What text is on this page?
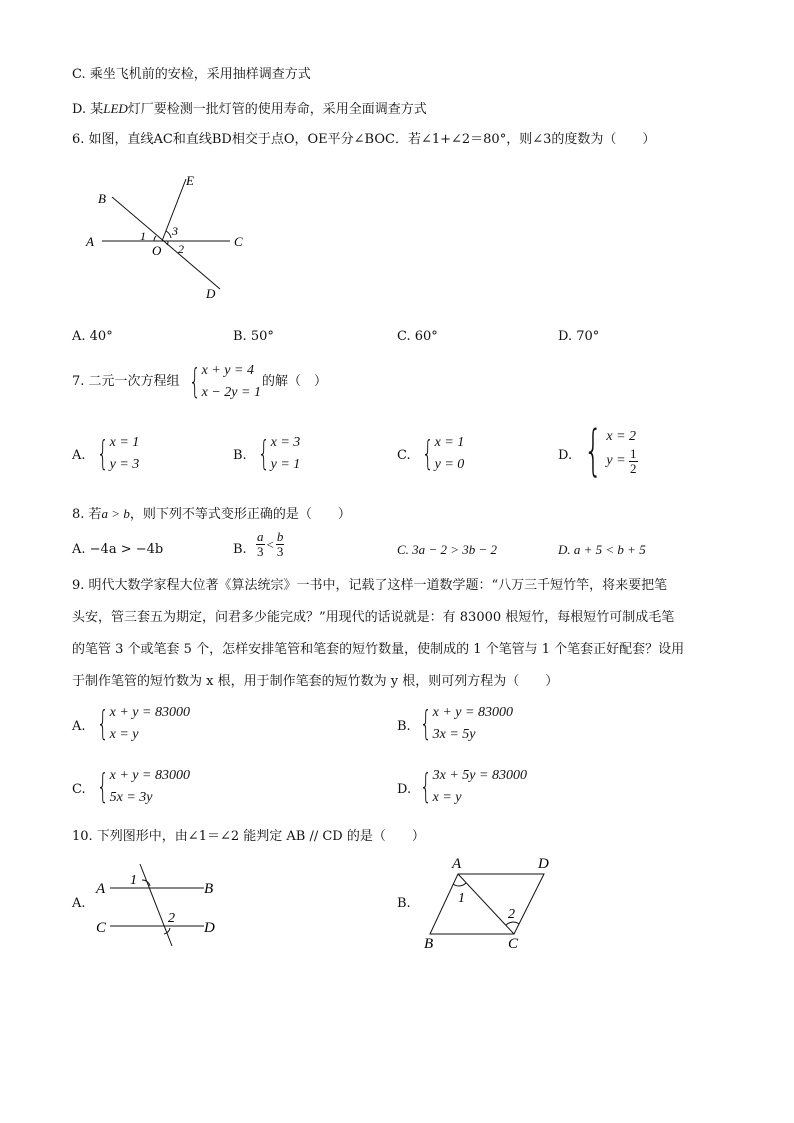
C. 乘坐飞机前的安检，采用抽样调查方式
D. 某LED灯厂要检测一批灯管的使用寿命，采用全面调查方式
6. 如图，直线AC和直线BD相交于点O，OE平分∠BOC．若∠1+∠2＝80°，则∠3的度数为（　　）
B
A	C
D
E
O
1 3
2
A. 40°	B. 50°	C. 60°	D. 70°
7. 二元一次方程组 { x + y = 4
x − 2y = 1
的解（　）
A. { x = 1
y = 3
B. { x = 3
y = 1
C. { x = 1
y = 0
D. { x = 2
$y = \frac{1}{2}$
8. 若a > b，则下列不等式变形正确的是（　　）
A. −4a > −4b	B. $\frac{a}{3} < \frac{b}{3}$	C. 3a − 2 > 3b − 2	D. a + 5 < b + 5
9. 明代大数学家程大位著《算法统宗》一书中，记载了这样一道数学题：“八万三千短竹竿，将来要把笔
头安，管三套五为期定，问君多少能完成？”用现代的话说就是：有 83000 根短竹，每根短竹可制成毛笔
的笔管 3 个或笔套 5 个，怎样安排笔管和笔套的短竹数量，使制成的 1 个笔管与 1 个笔套正好配套？设用
于制作笔管的短竹数为 x 根，用于制作笔套的短竹数为 y 根，则可列方程为（　　）
A. { x + y = 83000
x = y
B. { x + y = 83000
3x = 5y
C. { x + y = 83000
5x = 3y
D. { 3x + 5y = 83000
x = y
10. 下列图形中，由∠1＝∠2 能判定 AB // CD 的是（　　）
A.
A	B
C	D
1
2
B.
A	D
B	C
1
2
